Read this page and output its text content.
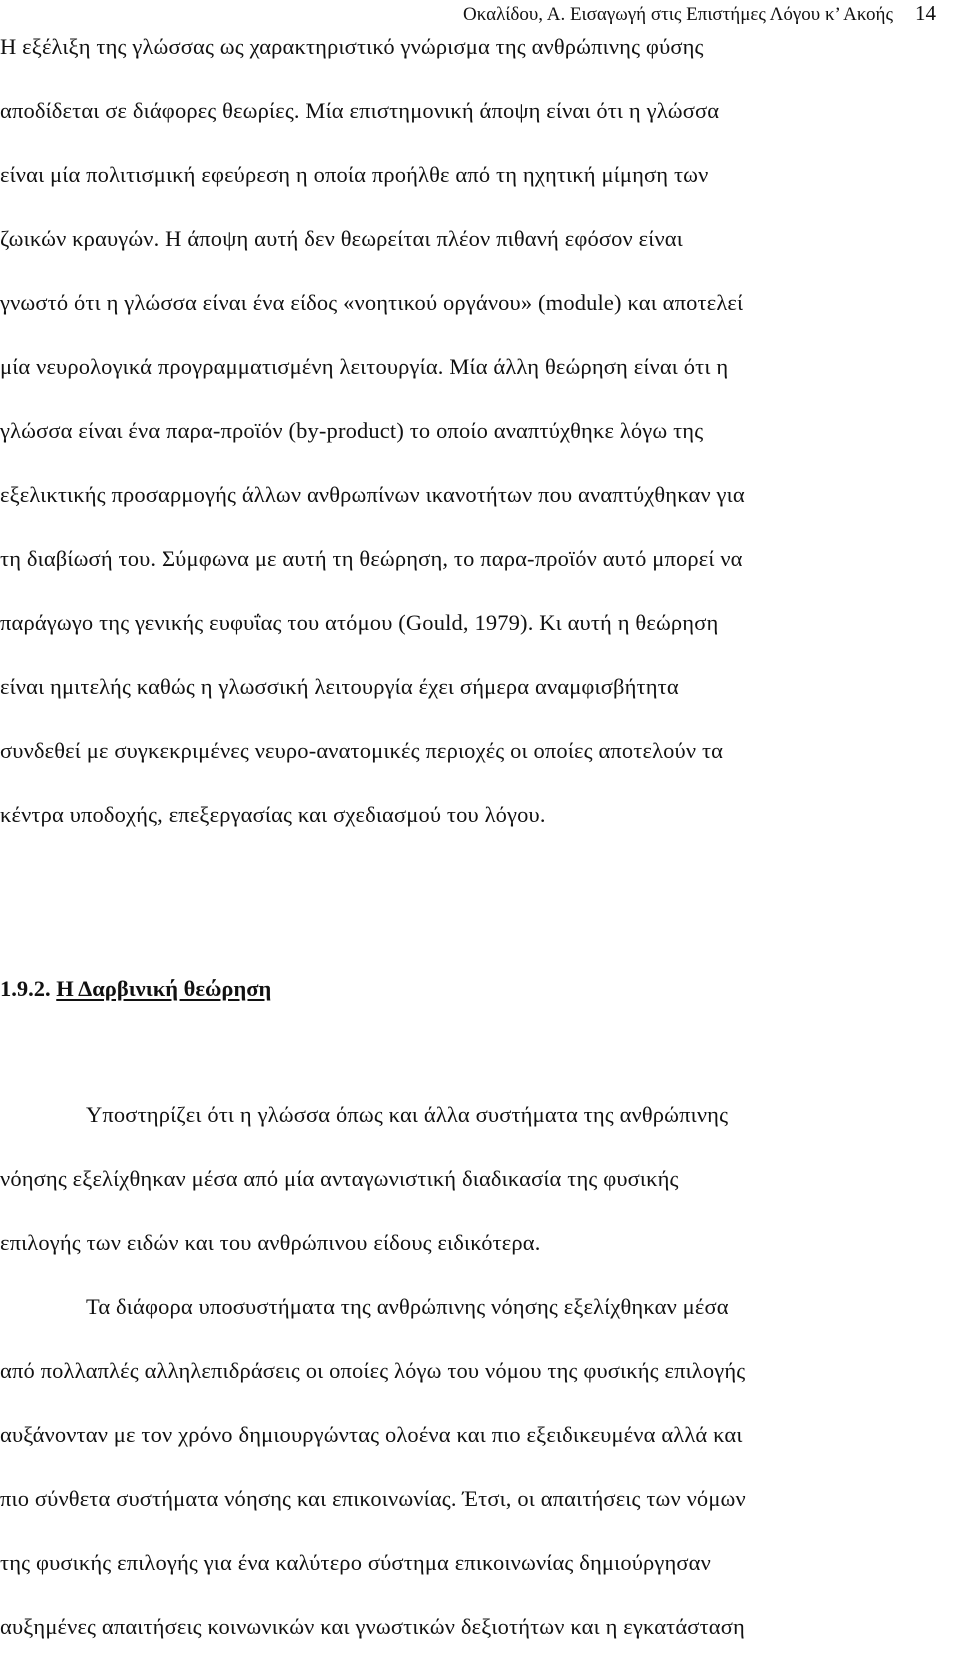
Οκαλίδου, Α. Εισαγωγή στις Επιστήμες Λόγου κ’ Ακοής 14
Η εξέλιξη της γλώσσας ως χαρακτηριστικό γνώρισμα της ανθρώπινης φύσης
αποδίδεται σε διάφορες θεωρίες. Μία επιστημονική άποψη είναι ότι η γλώσσα
είναι μία πολιτισμική εφεύρεση η οποία προήλθε από τη ηχητική μίμηση των
ζωικών κραυγών. Η άποψη αυτή δεν θεωρείται πλέον πιθανή εφόσον είναι
γνωστό ότι η γλώσσα είναι ένα είδος «νοητικού οργάνου» (module) και αποτελεί
μία νευρολογικά προγραμματισμένη λειτουργία. Μία άλλη θεώρηση είναι ότι η
γλώσσα είναι ένα παρα-προϊόν (by-product) το οποίο αναπτύχθηκε λόγω της
εξελικτικής προσαρμογής άλλων ανθρωπίνων ικανοτήτων που αναπτύχθηκαν για
τη διαβίωσή του. Σύμφωνα με αυτή τη θεώρηση, το παρα-προϊόν αυτό μπορεί να
παράγωγο της γενικής ευφυΐας του ατόμου (Gould, 1979). Κι αυτή η θεώρηση
είναι ημιτελής καθώς η γλωσσική λειτουργία έχει σήμερα αναμφισβήτητα
συνδεθεί με συγκεκριμένες νευρο-ανατομικές περιοχές οι οποίες αποτελούν τα
κέντρα υποδοχής, επεξεργασίας και σχεδιασμού του λόγου.
1.9.2. Η Δαρβινική θεώρηση
Υποστηρίζει ότι η γλώσσα όπως και άλλα συστήματα της ανθρώπινης
νόησης εξελίχθηκαν μέσα από μία ανταγωνιστική διαδικασία της φυσικής
επιλογής των ειδών και του ανθρώπινου είδους ειδικότερα.
Τα διάφορα υποσυστήματα της ανθρώπινης νόησης εξελίχθηκαν μέσα
από πολλαπλές αλληλεπιδράσεις οι οποίες λόγω του νόμου της φυσικής επιλογής
αυξάνονταν με τον χρόνο δημιουργώντας ολοένα και πιο εξειδικευμένα αλλά και
πιο σύνθετα συστήματα νόησης και επικοινωνίας. Έτσι, οι απαιτήσεις των νόμων
της φυσικής επιλογής για ένα καλύτερο σύστημα επικοινωνίας δημιούργησαν
αυξημένες απαιτήσεις κοινωνικών και γνωστικών δεξιοτήτων και η εγκατάσταση
